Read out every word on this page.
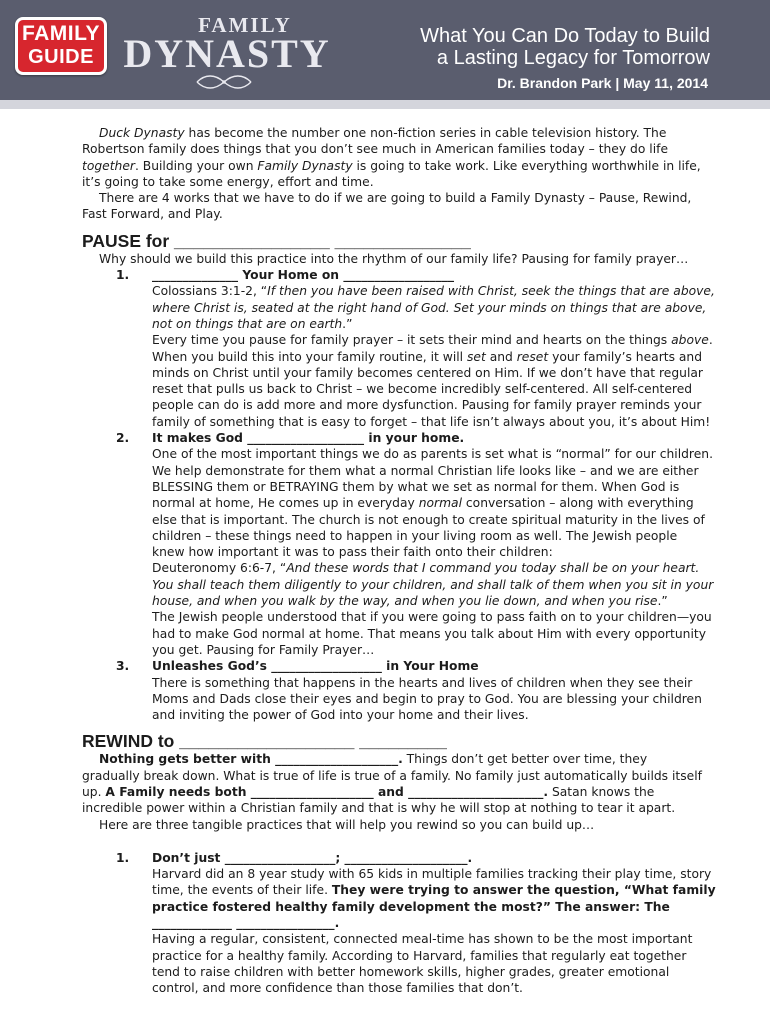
FAMILY
GUIDE
FAMILY
DYNASTY	What You Can Do Today to Build
a Lasting Legacy for Tomorrow
Dr. Brandon Park | May 11, 2014

Duck Dynasty has become the number one non-fiction series in cable television history. The

Robertson family does things that you don’t see much in American families today – they do life

together. Building your own Family Dynasty is going to take work. Like everything worthwhile in life,

it’s going to take some energy, effort and time.

There are 4 works that we have to do if we are going to build a Family Dynasty – Pause, Rewind,

Fast Forward, and Play.

PAUSE for ________________ ______________

Why should we build this practice into the rhythm of our family life? Pausing for family prayer…

1. ______________ Your Home on __________________

Colossians 3:1-2, “If then you have been raised with Christ, seek the things that are above,

where Christ is, seated at the right hand of God. Set your minds on things that are above,

not on things that are on earth.”

Every time you pause for family prayer – it sets their mind and hearts on the things above.

When you build this into your family routine, it will set and reset your family’s hearts and

minds on Christ until your family becomes centered on Him. If we don’t have that regular

reset that pulls us back to Christ – we become incredibly self-centered. All self-centered

people can do is add more and more dysfunction. Pausing for family prayer reminds your

family of something that is easy to forget – that life isn’t always about you, it’s about Him!

2. It makes God ___________________ in your home.

One of the most important things we do as parents is set what is “normal” for our children.

We help demonstrate for them what a normal Christian life looks like – and we are either

BLESSING them or BETRAYING them by what we set as normal for them. When God is

normal at home, He comes up in everyday normal conversation – along with everything

else that is important. The church is not enough to create spiritual maturity in the lives of

children – these things need to happen in your living room as well. The Jewish people

knew how important it was to pass their faith onto their children:

Deuteronomy 6:6-7, “And these words that I command you today shall be on your heart.

You shall teach them diligently to your children, and shall talk of them when you sit in your

house, and when you walk by the way, and when you lie down, and when you rise.”

The Jewish people understood that if you were going to pass faith on to your children—you

had to make God normal at home. That means you talk about Him with every opportunity

you get. Pausing for Family Prayer…

3. Unleashes God’s __________________ in Your Home

There is something that happens in the hearts and lives of children when they see their

Moms and Dads close their eyes and begin to pray to God. You are blessing your children

and inviting the power of God into your home and their lives.

REWIND to __________________ _________

Nothing gets better with ____________________. Things don’t get better over time, they

gradually break down. What is true of life is true of a family. No family just automatically builds itself

up. A Family needs both ____________________ and ______________________. Satan knows the

incredible power within a Christian family and that is why he will stop at nothing to tear it apart.

Here are three tangible practices that will help you rewind so you can build up…

1. Don’t just __________________; ____________________.

Harvard did an 8 year study with 65 kids in multiple families tracking their play time, story

time, the events of their life. They were trying to answer the question, “What family

practice fostered healthy family development the most?” The answer: The

_____________ ________________.

Having a regular, consistent, connected meal-time has shown to be the most important

practice for a healthy family. According to Harvard, families that regularly eat together

tend to raise children with better homework skills, higher grades, greater emotional

control, and more confidence than those families that don’t.
